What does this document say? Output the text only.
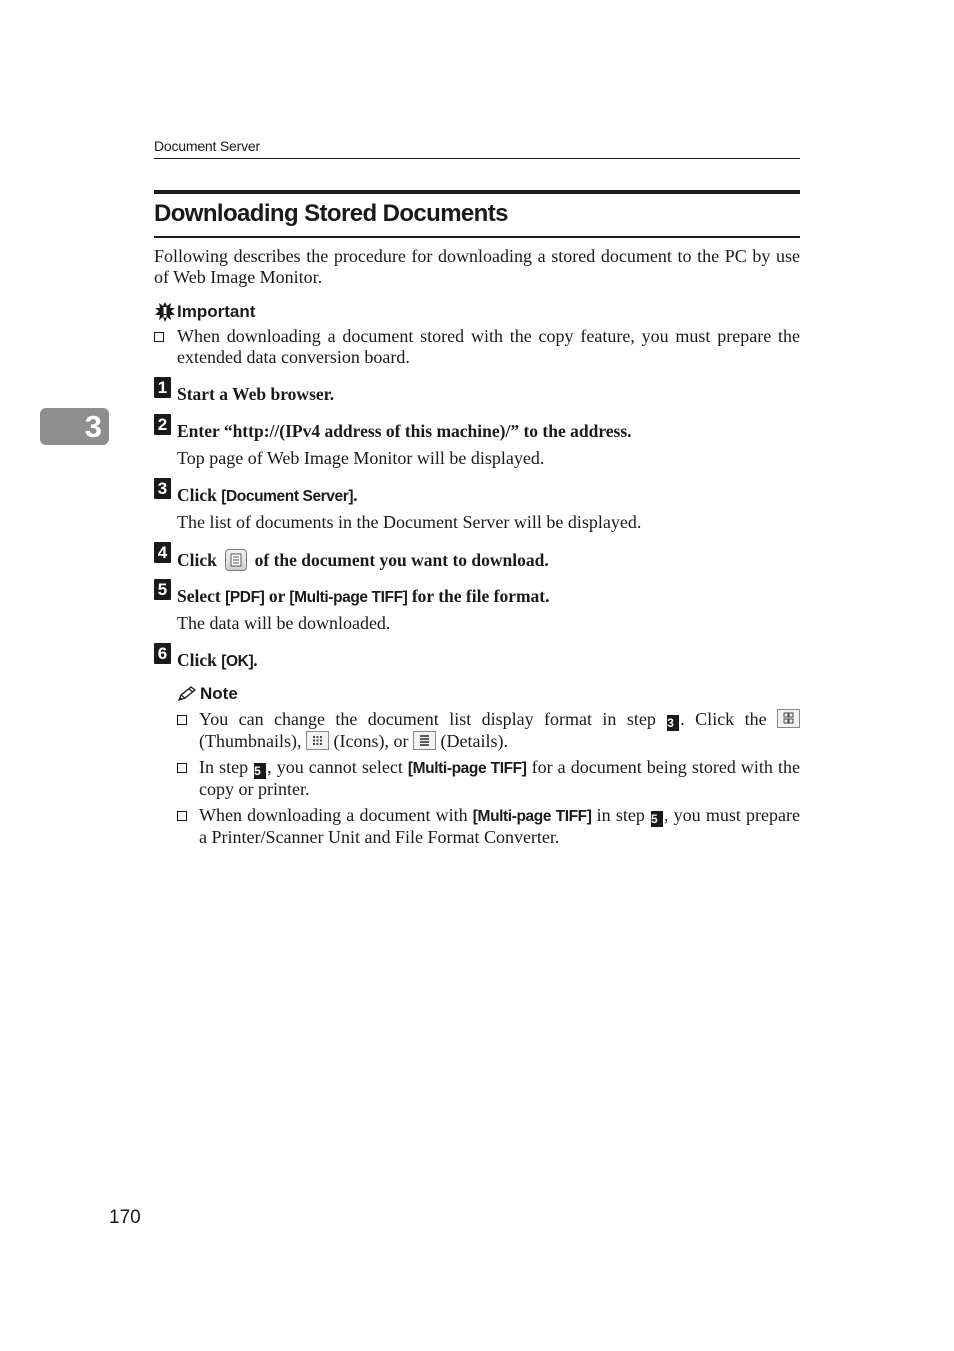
Document Server
Downloading Stored Documents
Following describes the procedure for downloading a stored document to the PC by use of Web Image Monitor.
Important
When downloading a document stored with the copy feature, you must prepare the extended data conversion board.
3
1 Start a Web browser.
2 Enter “http://(IPv4 address of this machine)/” to the address.
Top page of Web Image Monitor will be displayed.
3 Click [Document Server].
The list of documents in the Document Server will be displayed.
4 Click of the document you want to download.
5 Select [PDF] or [Multi-page TIFF] for the file format.
The data will be downloaded.
6 Click [OK].
Note
You can change the document list display format in step 3 . Click the
(Thumbnails),
(Icons), or
(Details).
In step 5 , you cannot select [Multi-page TIFF] for a document being stored with the copy or printer.
When downloading a document with [Multi-page TIFF] in step 5 , you must prepare a Printer/Scanner Unit and File Format Converter.
170
